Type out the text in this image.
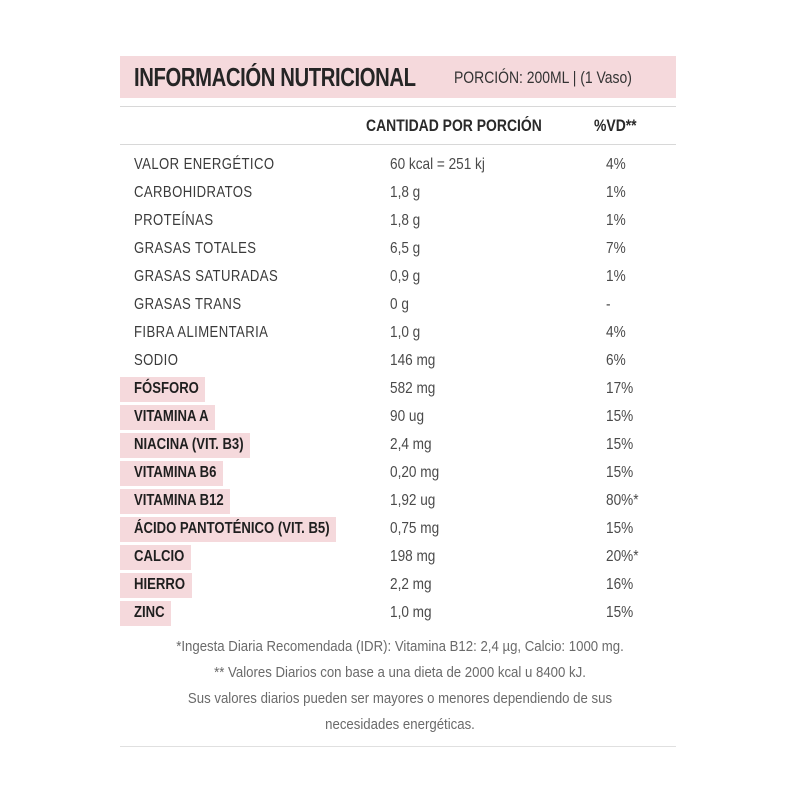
INFORMACIÓN NUTRICIONAL PORCIÓN: 200ML | (1 Vaso)
CANTIDAD POR PORCIÓN	%VD**
VALOR ENERGÉTICO	60 kcal = 251 kj	4%
CARBOHIDRATOS	1,8 g	1%
PROTEÍNAS	1,8 g	1%
GRASAS TOTALES	6,5 g	7%
GRASAS SATURADAS	0,9 g	1%
GRASAS TRANS	0 g	-
FIBRA ALIMENTARIA	1,0 g	4%
SODIO	146 mg	6%
FÓSFORO	582 mg	17%
VITAMINA A	90 ug	15%
NIACINA (VIT. B3)	2,4 mg	15%
VITAMINA B6	0,20 mg	15%
VITAMINA B12	1,92 ug	80%*
ÁCIDO PANTOTÉNICO (VIT. B5)	0,75 mg	15%
CALCIO	198 mg	20%*
HIERRO	2,2 mg	16%
ZINC	1,0 mg	15%

*Ingesta Diaria Recomendada (IDR): Vitamina B12: 2,4 µg, Calcio: 1000 mg.

** Valores Diarios con base a una dieta de 2000 kcal u 8400 kJ.

Sus valores diarios pueden ser mayores o menores dependiendo de sus

necesidades energéticas.
